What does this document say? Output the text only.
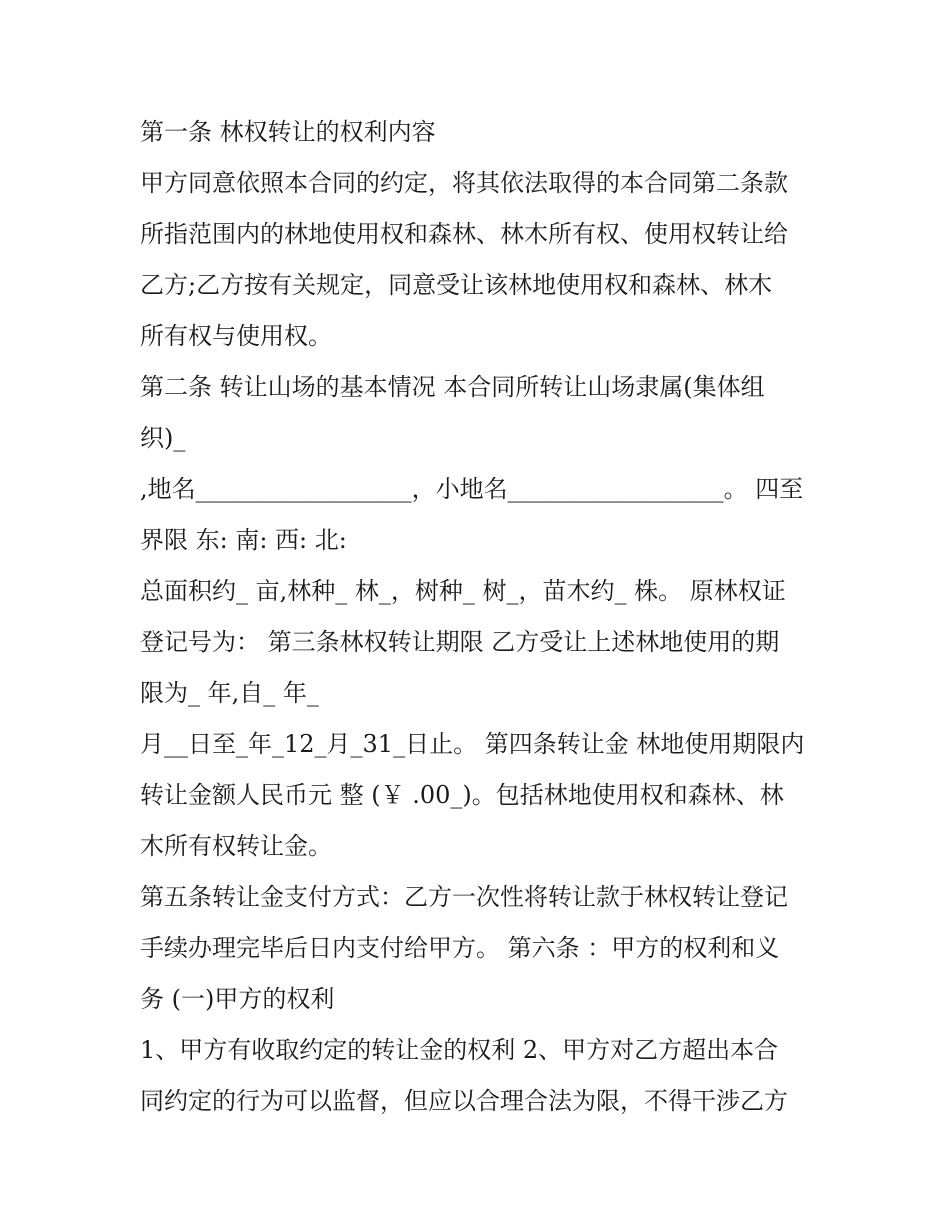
第一条 林权转让的权利内容
甲方同意依照本合同的约定，将其依法取得的本合同第二条款
所指范围内的林地使用权和森林、林木所有权、使用权转让给
乙方;乙方按有关规定，同意受让该林地使用权和森林、林木
所有权与使用权。
第二条 转让山场的基本情况 本合同所转让山场隶属(集体组
织)_
,地名__________________，小地名__________________。 四至
界限 东: 南: 西: 北:
总面积约_ 亩,林种_ 林_，树种_ 树_，苗木约_ 株。 原林权证
登记号为： 第三条林权转让期限 乙方受让上述林地使用的期
限为_ 年,自_ 年_
月__日至_年_12_月_31_日止。 第四条转让金 林地使用期限内
转让金额人民币元 整 (￥ .00_)。包括林地使用权和森林、林
木所有权转让金。
第五条转让金支付方式：乙方一次性将转让款于林权转让登记
手续办理完毕后日内支付给甲方。 第六条 ：甲方的权利和义
务 (一)甲方的权利
1、甲方有收取约定的转让金的权利 2、甲方对乙方超出本合
同约定的行为可以监督，但应以合理合法为限，不得干涉乙方
